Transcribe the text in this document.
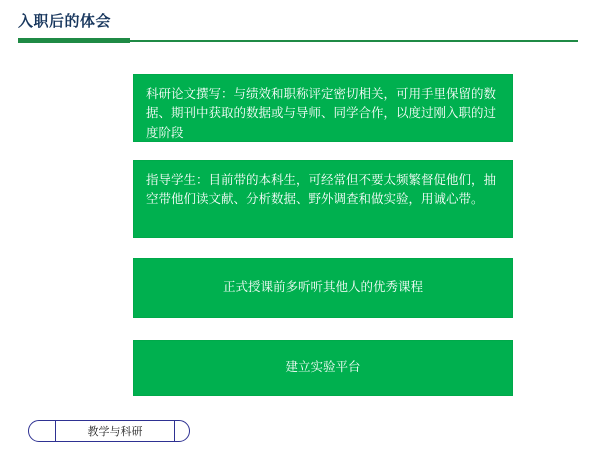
入职后的体会
科研论文撰写：与绩效和职称评定密切相关，可用手里保留的数据、期刊中获取的数据或与导师、同学合作，以度过刚入职的过度阶段
指导学生：目前带的本科生，可经常但不要太频繁督促他们，抽空带他们读文献、分析数据、野外调查和做实验，用诚心带。
正式授课前多听听其他人的优秀课程
建立实验平台
教学与科研
